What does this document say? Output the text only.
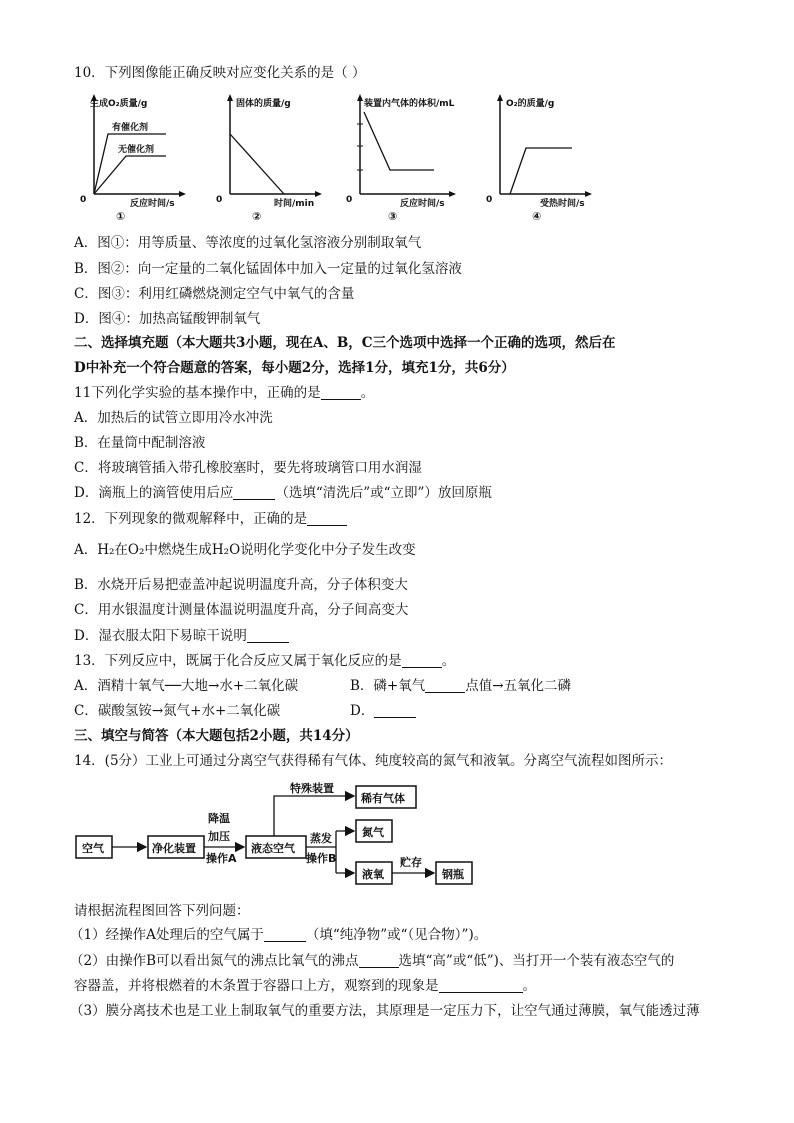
10．下列图像能正确反映对应变化关系的是（ ）
生成O₂质量/g
有催化剂
无催化剂
0	反应时间/s
①
固体的质量/g
0	时间/min
②
装置内气体的体积/mL
0	反应时间/s
③
O₂的质量/g
0	受热时间/s
④
A．图①：用等质量、等浓度的过氧化氢溶液分别制取氧气
B．图②：向一定量的二氧化锰固体中加入一定量的过氧化氢溶液
C．图③：利用红磷燃烧测定空气中氧气的含量
D．图④：加热高锰酸钾制氧气
二、选择填充题（本大题共3小题，现在A、B，C三个选项中选择一个正确的选项，然后在
D中补充一个符合题意的答案，每小题2分，选择1分，填充1分，共6分）
11下列化学实验的基本操作中，正确的是	。
A．加热后的试管立即用冷水冲洗
B．在量筒中配制溶液
C．将玻璃管插入带孔橡胶塞时，要先将玻璃管口用水润湿
D．滴瓶上的滴管使用后应	（选填“清洗后”或“立即”）放回原瓶
12．下列现象的微观解释中，正确的是
A．H₂在O₂中燃烧生成H₂O说明化学变化中分子发生改变
B．水烧开后易把壶盖冲起说明温度升高，分子体积变大
C．用水银温度计测量体温说明温度升高，分子间高变大
D．湿衣服太阳下易晾干说明
13．下列反应中，既属于化合反应又属于氧化反应的是	。
A．酒精十氧气──大地→水+二氧化碳	B．磷+氧气	点值→五氧化二磷
C．碳酸氢铵→氮气+水+二氧化碳	D．
三、填空与简答（本大题包括2小题，共14分）
14．(5分）工业上可通过分离空气获得稀有气体、纯度较高的氮气和液氧。分离空气流程如图所示：
空气	净化装置	液态空气
稀有气体
氮气
液氧	钢瓶
降温
加压
操作A
特殊装置
蒸发
操作B	贮存
请根据流程图回答下列问题：
（1）经操作A处理后的空气属于	（填“纯净物”或“（见合物）”)。
（2）由操作B可以看出氮气的沸点比氧气的沸点	选填“高”或“低”)、当打开一个装有液态空气的
容器盖，并将根燃着的木条置于容器口上方，观察到的现象是	。
（3）膜分离技术也是工业上制取氧气的重要方法，其原理是一定压力下，让空气通过薄膜，氧气能透过薄
